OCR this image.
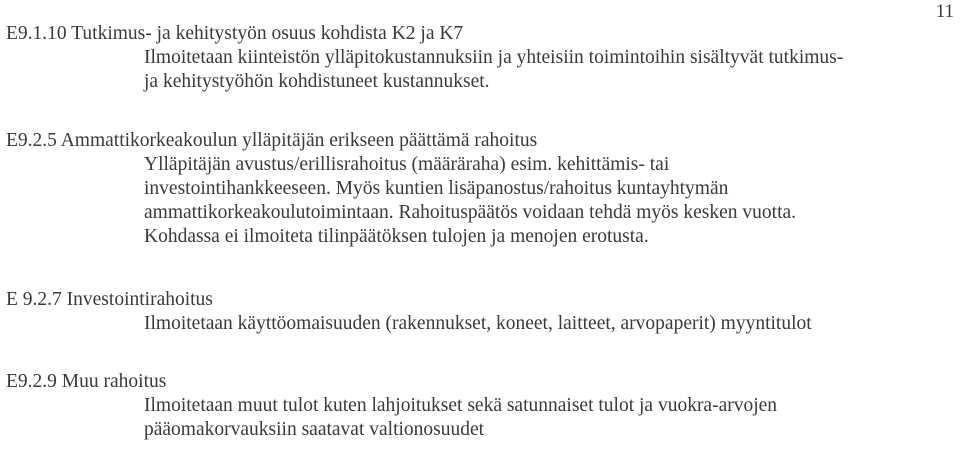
11
E9.1.10 Tutkimus- ja kehitystyön osuus kohdista K2 ja K7

Ilmoitetaan kiinteistön ylläpitokustannuksiin ja yhteisiin toimintoihin sisältyvät tutkimus-

ja kehitystyöhön kohdistuneet kustannukset.

E9.2.5 Ammattikorkeakoulun ylläpitäjän erikseen päättämä rahoitus

Ylläpitäjän avustus/erillisrahoitus (määräraha) esim. kehittämis- tai

investointihankkeeseen. Myös kuntien lisäpanostus/rahoitus kuntayhtymän

ammattikorkeakoulutoimintaan. Rahoituspäätös voidaan tehdä myös kesken vuotta.

Kohdassa ei ilmoiteta tilinpäätöksen tulojen ja menojen erotusta.

E 9.2.7 Investointirahoitus

Ilmoitetaan käyttöomaisuuden (rakennukset, koneet, laitteet, arvopaperit) myyntitulot

E9.2.9 Muu rahoitus

Ilmoitetaan muut tulot kuten lahjoitukset sekä satunnaiset tulot ja vuokra-arvojen

pääomakorvauksiin saatavat valtionosuudet
